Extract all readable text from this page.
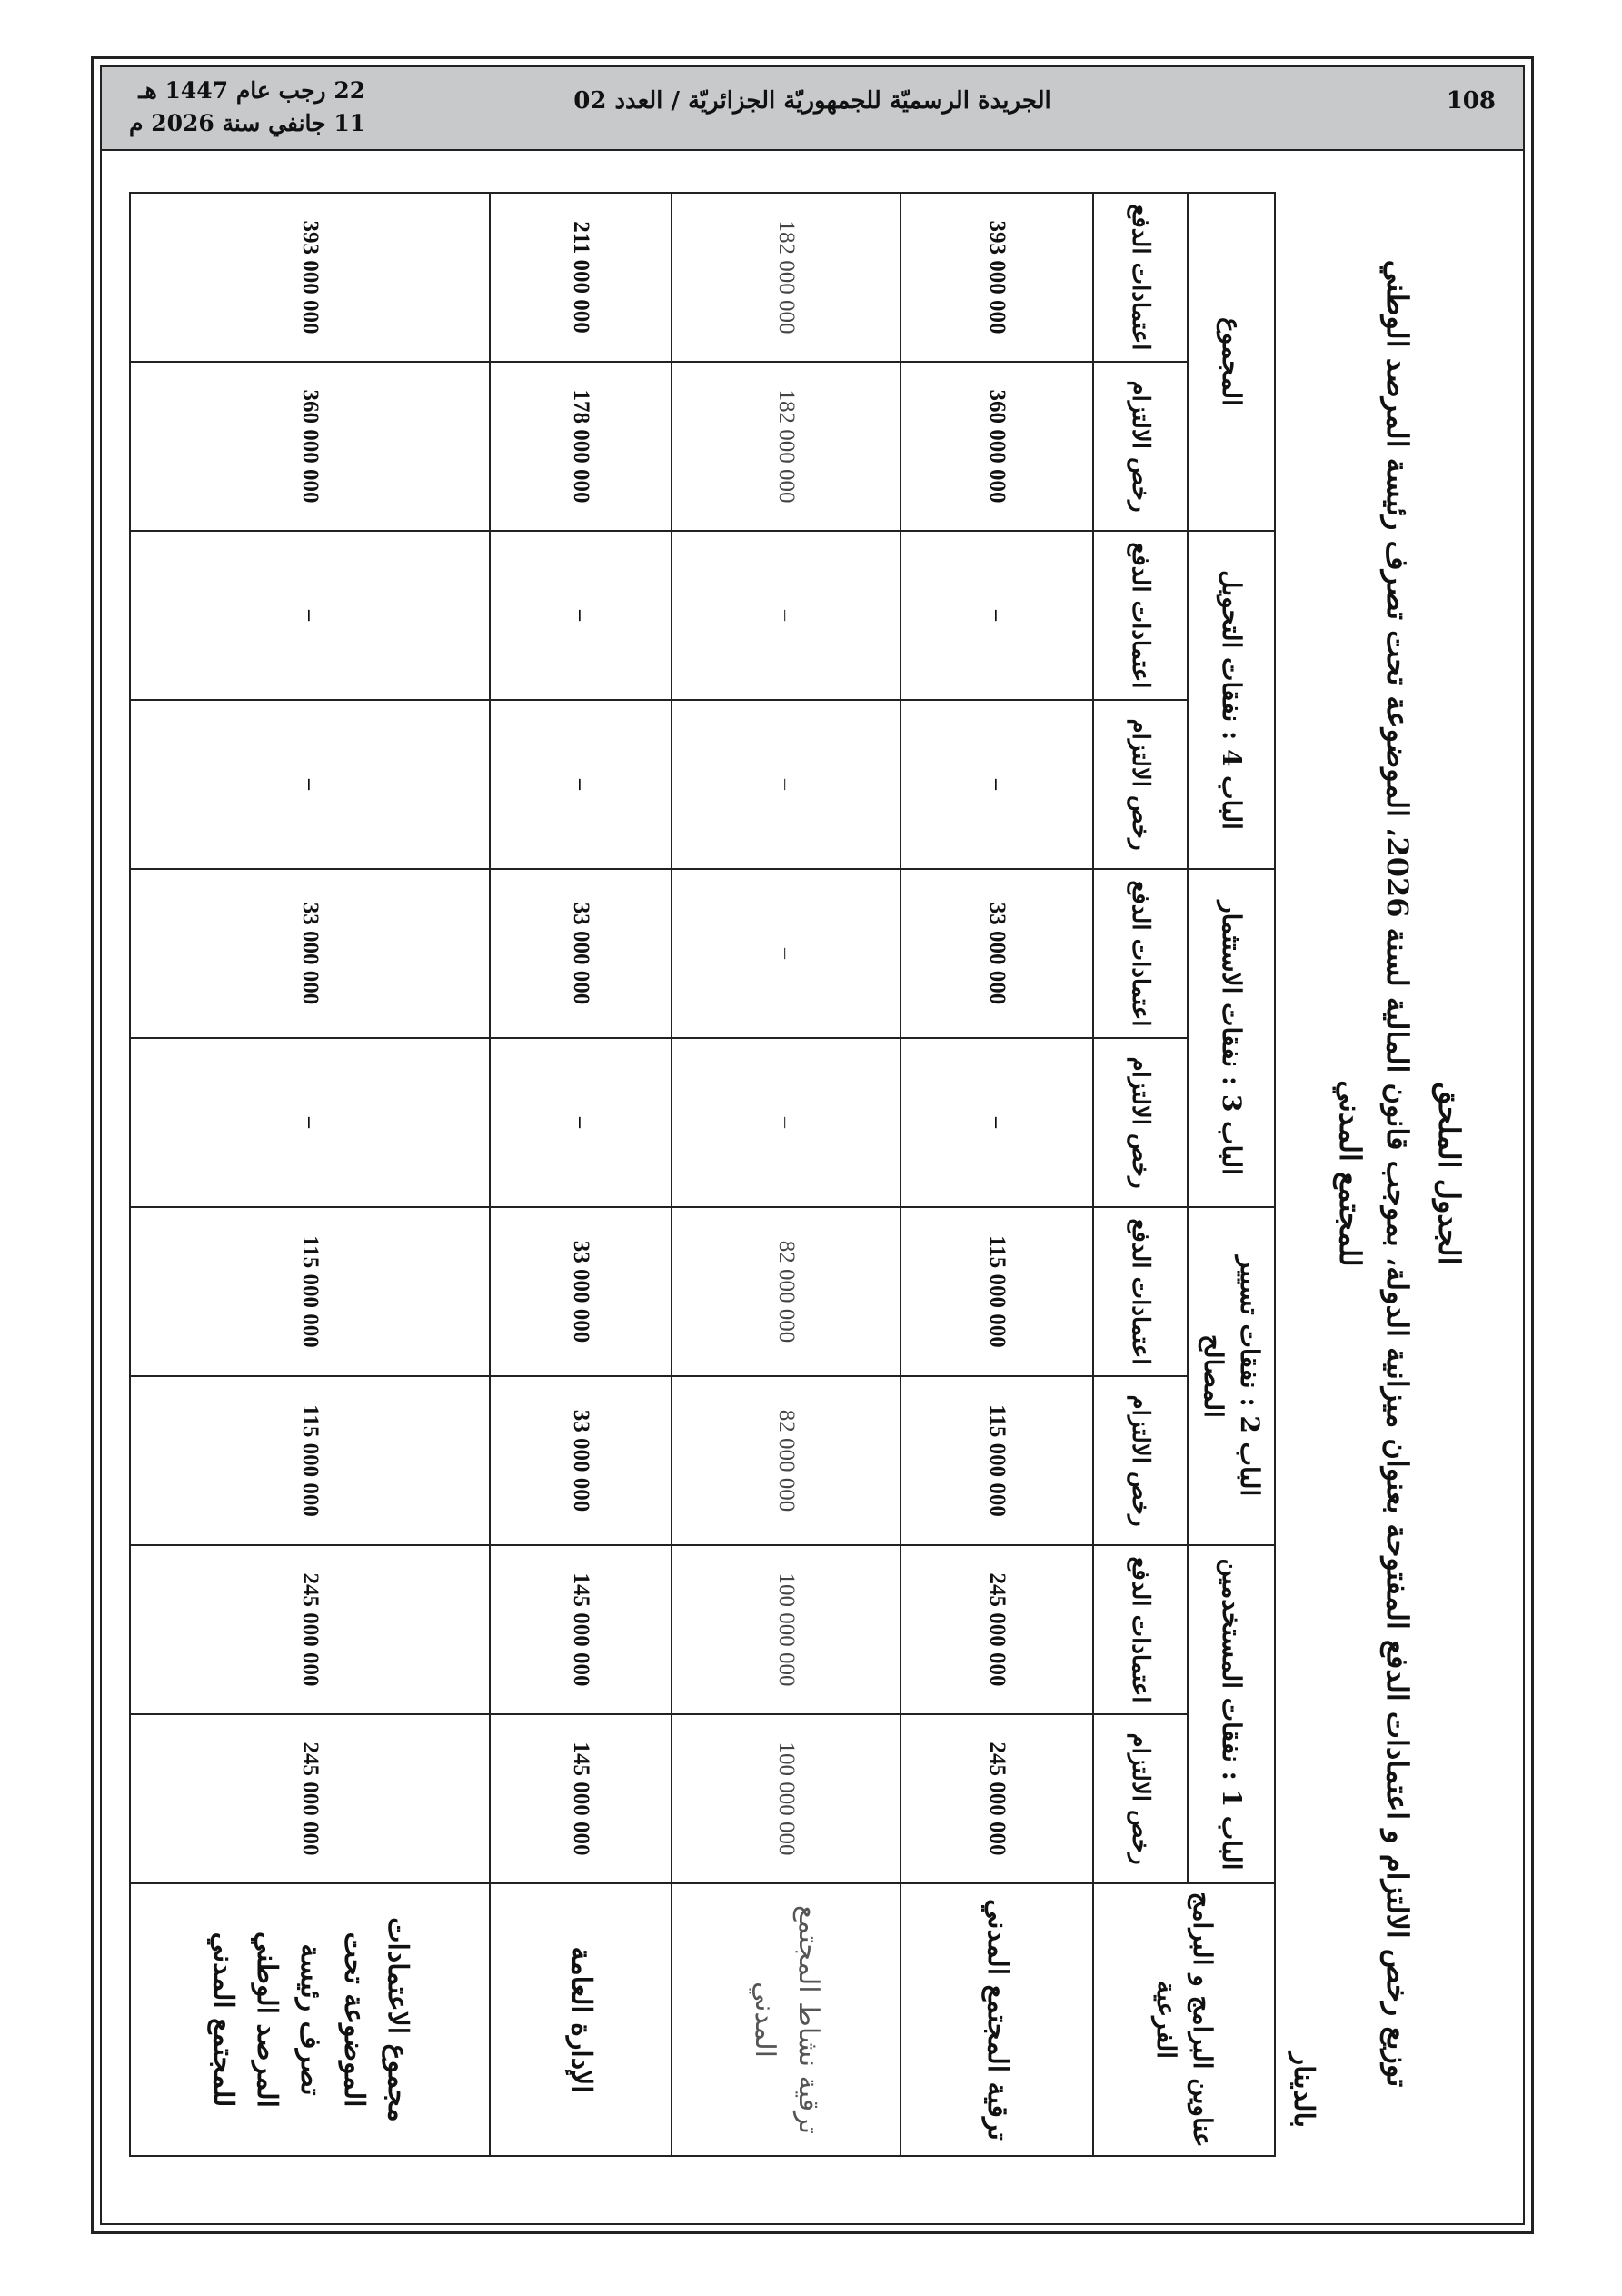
108
الجريدة الرسميّة للجمهوريّة الجزائريّة / العدد 02
22 رجب عام 1447 هـ
11 جانفي سنة 2026 م
الجدول الملحق
توزيع رخص الالتزام و اعتمادات الدفع المفتوحة بعنوان ميزانية الدولة، بموجب قانون المالية لسنة 2026، الموضوعة تحت تصرف رئيسة المرصد الوطني للمجتمع المدني
بالدينار
عناوين البرامج و البرامج الفرعية	الباب 1 : نفقات المستخدمين		الباب 2 : نفقات تسيير المصالح		الباب 3 : نفقات الاستثمار		الباب 4 : نفقات التحويل		المجموع	
	رخص الالتزام	اعتمادات الدفع	رخص الالتزام	اعتمادات الدفع	رخص الالتزام	اعتمادات الدفع	رخص الالتزام	اعتمادات الدفع	رخص الالتزام	اعتمادات الدفع
ترقية المجتمع المدني	245 000 000	245 000 000	115 000 000	115 000 000	–	33 000 000	–	–	360 000 000	393 000 000
ترقية نشاط المجتمع المدني	100 000 000	100 000 000	82 000 000	82 000 000	–	–	–	–	182 000 000	182 000 000
الإدارة العامة	145 000 000	145 000 000	33 000 000	33 000 000	–	33 000 000	–	–	178 000 000	211 000 000
مجموع الاعتمادات الموضوعة تحت تصرف رئيسة المرصد الوطني للمجتمع المدني	245 000 000	245 000 000	115 000 000	115 000 000	–	33 000 000	–	–	360 000 000	393 000 000
